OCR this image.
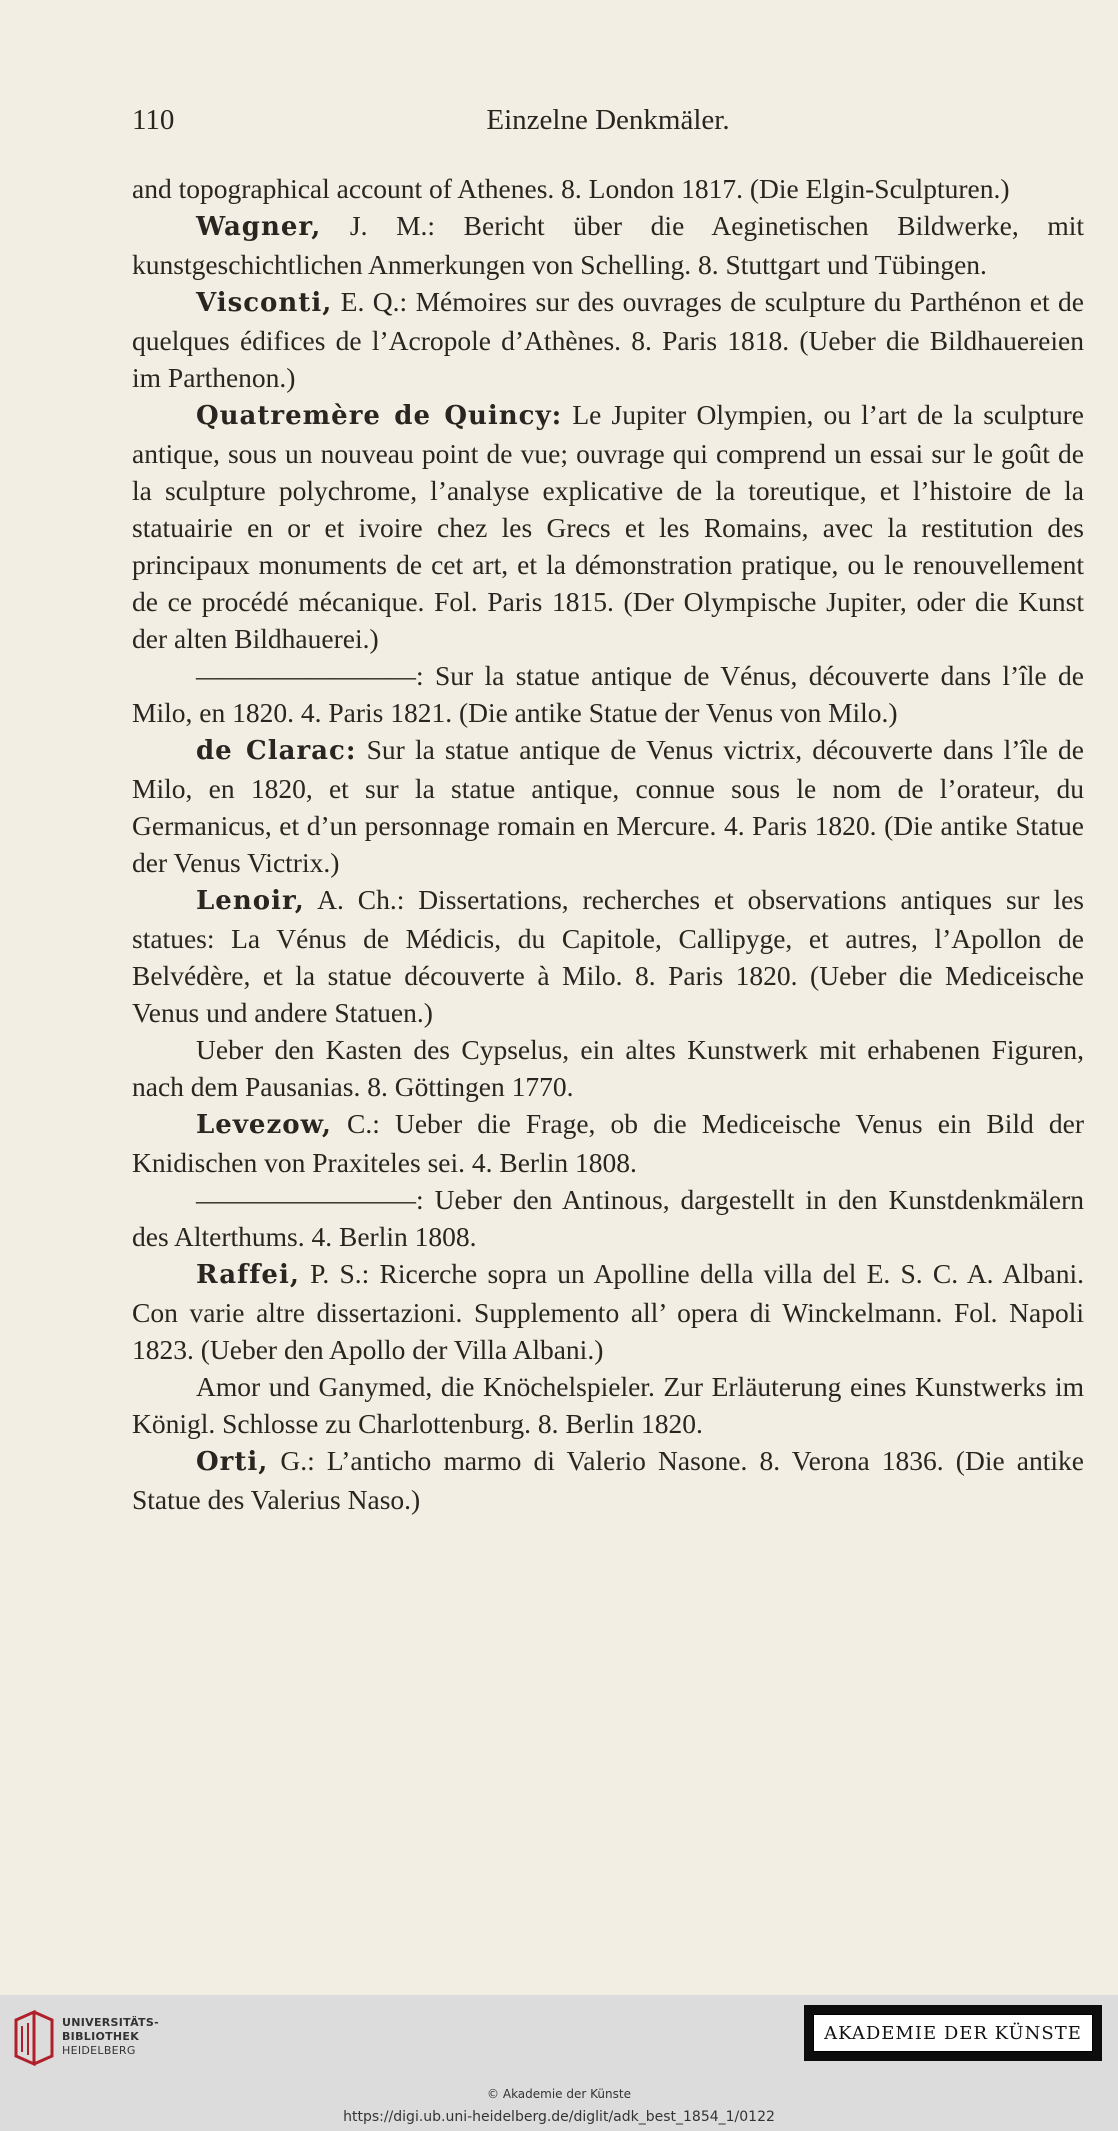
110	Einzelne Denkmäler.

and topographical account of Athenes. 8. London 1817. (Die Elgin-Sculpturen.)

Wagner, J. M.: Bericht über die Aeginetischen Bildwerke, mit kunstgeschichtlichen Anmerkungen von Schelling. 8. Stuttgart und Tübingen.

Visconti, E. Q.: Mémoires sur des ouvrages de sculpture du Parthénon et de quelques édifices de l’Acropole d’Athènes. 8. Paris 1818. (Ueber die Bildhauereien im Parthenon.)

Quatremère de Quincy: Le Jupiter Olympien, ou l’art de la sculpture antique, sous un nouveau point de vue; ouvrage qui comprend un essai sur le goût de la sculpture polychrome, l’analyse explicative de la toreutique, et l’histoire de la statuairie en or et ivoire chez les Grecs et les Romains, avec la restitution des principaux monuments de cet art, et la démonstration pratique, ou le renouvellement de ce procédé mécanique. Fol. Paris 1815. (Der Olympische Jupiter, oder die Kunst der alten Bildhauerei.)

————————: Sur la statue antique de Vénus, découverte dans l’île de Milo, en 1820. 4. Paris 1821. (Die antike Statue der Venus von Milo.)

de Clarac: Sur la statue antique de Venus victrix, découverte dans l’île de Milo, en 1820, et sur la statue antique, connue sous le nom de l’orateur, du Germanicus, et d’un personnage romain en Mercure. 4. Paris 1820. (Die antike Statue der Venus Victrix.)

Lenoir, A. Ch.: Dissertations, recherches et observations antiques sur les statues: La Vénus de Médicis, du Capitole, Callipyge, et autres, l’Apollon de Belvédère, et la statue découverte à Milo. 8. Paris 1820. (Ueber die Mediceische Venus und andere Statuen.)

Ueber den Kasten des Cypselus, ein altes Kunstwerk mit erhabenen Figuren, nach dem Pausanias. 8. Göttingen 1770.

Levezow, C.: Ueber die Frage, ob die Mediceische Venus ein Bild der Knidischen von Praxiteles sei. 4. Berlin 1808.

————————: Ueber den Antinous, dargestellt in den Kunstdenkmälern des Alterthums. 4. Berlin 1808.

Raffei, P. S.: Ricerche sopra un Apolline della villa del E. S. C. A. Albani. Con varie altre dissertazioni. Supplemento all’ opera di Winckelmann. Fol. Napoli 1823. (Ueber den Apollo der Villa Albani.)

Amor und Ganymed, die Knöchelspieler. Zur Erläuterung eines Kunstwerks im Königl. Schlosse zu Charlottenburg. 8. Berlin 1820.

Orti, G.: L’anticho marmo di Valerio Nasone. 8. Verona 1836. (Die antike Statue des Valerius Naso.)

UNIVERSITÄTS-
BIBLIOTHEK
HEIDELBERG
AKADEMIE DER KÜNSTE
© Akademie der Künste
https://digi.ub.uni-heidelberg.de/diglit/adk_best_1854_1/0122
